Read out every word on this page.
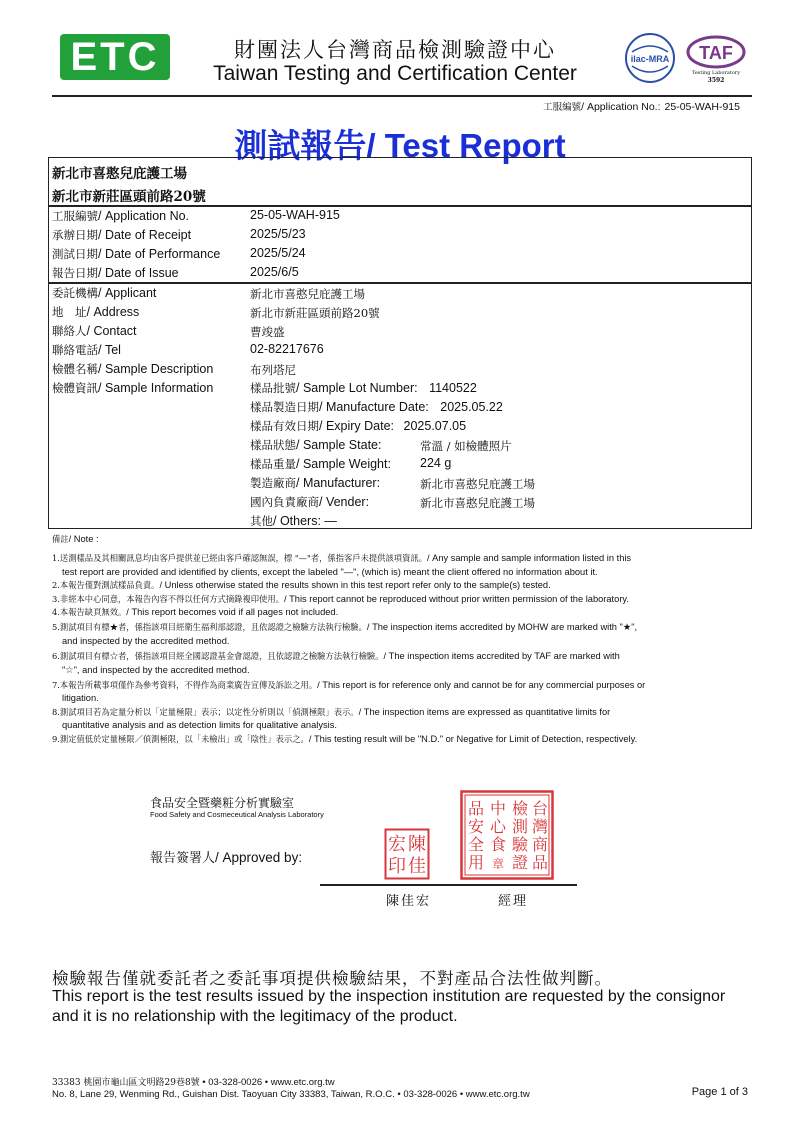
ETC	財團法人台灣商品檢測驗證中心
Taiwan Testing and Certification Center
ilac-MRA TAF
Testing Laboratory
3592
工服編號/ Application No.: 25-05-WAH-915
測試報告/ Test Report
新北市喜憨兒庇護工場
新北市新莊區頭前路20號
工服編號/ Application No.	25-05-WAH-915
承辦日期/ Date of Receipt	2025/5/23
測試日期/ Date of Performance 2025/5/24
報告日期/ Date of Issue	2025/6/5
委託機構/ Applicant	新北市喜憨兒庇護工場
地　址/ Address	新北市新莊區頭前路20號
聯絡人/ Contact	曹竣盛
聯絡電話/ Tel	02-82217676
檢體名稱/ Sample Description	布列塔尼
檢體資訊/ Sample Information	樣品批號/ Sample Lot Number: 1140522
樣品製造日期/ Manufacture Date: 2025.05.22
樣品有效日期/ Expiry Date: 2025.07.05
樣品狀態/ Sample State:	常溫 / 如檢體照片
樣品重量/ Sample Weight: 224 g
製造廠商/ Manufacturer:	新北市喜憨兒庇護工場
國內負責廠商/ Vender:	新北市喜憨兒庇護工場
其他/ Others: —
備註/ Note :
1.送測樣品及其相關訊息均由客戶提供並已經由客戶確認無誤，標 "—"者，係指客戶未提供該項資訊。/ Any sample and sample information listed in this
test report are provided and identified by clients, except the labeled "—", (which is) meant the client offered no information about it.
2.本報告僅對測試樣品負責。/ Unless otherwise stated the results shown in this test report refer only to the sample(s) tested.
3.非經本中心同意，本報告內容不得以任何方式摘錄複印使用。/ This report cannot be reproduced without prior written permission of the laboratory.
4.本報告缺頁無效。/ This report becomes void if all pages not included.
5.測試項目有標★者，係指該項目經衛生福利部認證，且依認證之檢驗方法執行檢驗。/ The inspection items accredited by MOHW are marked with "★",
and inspected by the accredited method.
6.測試項目有標☆者，係指該項目經全國認證基金會認證，且依認證之檢驗方法執行檢驗。/ The inspection items accredited by TAF are marked with
"☆", and inspected by the accredited method.
7.本報告所載事項僅作為參考資料，不得作為商業廣告宣傳及訴訟之用。/ This report is for reference only and cannot be for any commercial purposes or
litigation.
8.測試項目若為定量分析以「定量極限」表示；以定性分析則以「偵測極限」表示。/ The inspection items are expressed as quantitative limits for
quantitative analysis and as detection limits for qualitative analysis.
9.測定值低於定量極限／偵測極限，以「未檢出」或「陰性」表示之。/ This testing result will be "N.D." or Negative for Limit of Detection, respectively.
食品安全暨藥粧分析實驗室
Food Safety and Cosmeceutical Analysis Laboratory
報告簽署人/ Approved by:
陳
佳
宏
印
台
灣
商
品
檢
測
驗
證
中
心
食
品
安
全
用 章
陳佳宏	經理
檢驗報告僅就委託者之委託事項提供檢驗結果，不對產品合法性做判斷。
This report is the test results issued by the inspection institution are requested by the consignor and it is no relationship with the legitimacy of the product.
33383 桃園市龜山區文明路29巷8號 • 03-328-0026 • www.etc.org.tw
No. 8, Lane 29, Wenming Rd., Guishan Dist. Taoyuan City 33383, Taiwan, R.O.C. • 03-328-0026 • www.etc.org.tw	Page 1 of 3
